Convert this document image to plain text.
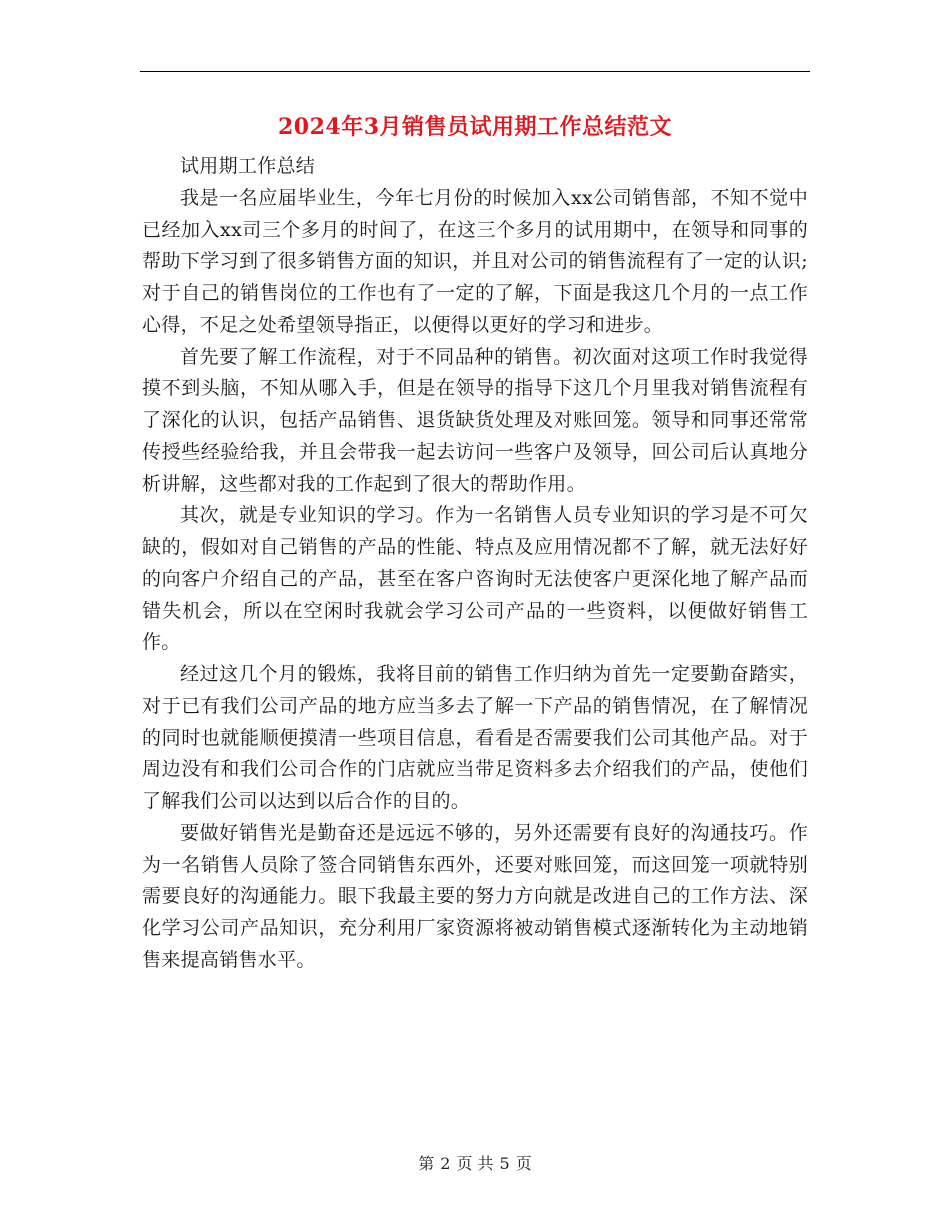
2024年3月销售员试用期工作总结范文

试用期工作总结

我是一名应届毕业生，今年七月份的时候加入xx公司销售部，不知不觉中已经加入xx司三个多月的时间了，在这三个多月的试用期中，在领导和同事的帮助下学习到了很多销售方面的知识，并且对公司的销售流程有了一定的认识;对于自己的销售岗位的工作也有了一定的了解，下面是我这几个月的一点工作心得，不足之处希望领导指正，以便得以更好的学习和进步。

首先要了解工作流程，对于不同品种的销售。初次面对这项工作时我觉得摸不到头脑，不知从哪入手，但是在领导的指导下这几个月里我对销售流程有了深化的认识，包括产品销售、退货缺货处理及对账回笼。领导和同事还常常传授些经验给我，并且会带我一起去访问一些客户及领导，回公司后认真地分析讲解，这些都对我的工作起到了很大的帮助作用。

其次，就是专业知识的学习。作为一名销售人员专业知识的学习是不可欠缺的，假如对自己销售的产品的性能、特点及应用情况都不了解，就无法好好的向客户介绍自己的产品，甚至在客户咨询时无法使客户更深化地了解产品而错失机会，所以在空闲时我就会学习公司产品的一些资料，以便做好销售工作。

经过这几个月的锻炼，我将目前的销售工作归纳为首先一定要勤奋踏实，对于已有我们公司产品的地方应当多去了解一下产品的销售情况，在了解情况的同时也就能顺便摸清一些项目信息，看看是否需要我们公司其他产品。对于周边没有和我们公司合作的门店就应当带足资料多去介绍我们的产品，使他们了解我们公司以达到以后合作的目的。

要做好销售光是勤奋还是远远不够的，另外还需要有良好的沟通技巧。作为一名销售人员除了签合同销售东西外，还要对账回笼，而这回笼一项就特别需要良好的沟通能力。眼下我最主要的努力方向就是改进自己的工作方法、深化学习公司产品知识，充分利用厂家资源将被动销售模式逐渐转化为主动地销售来提高销售水平。

第 2 页 共 5 页
